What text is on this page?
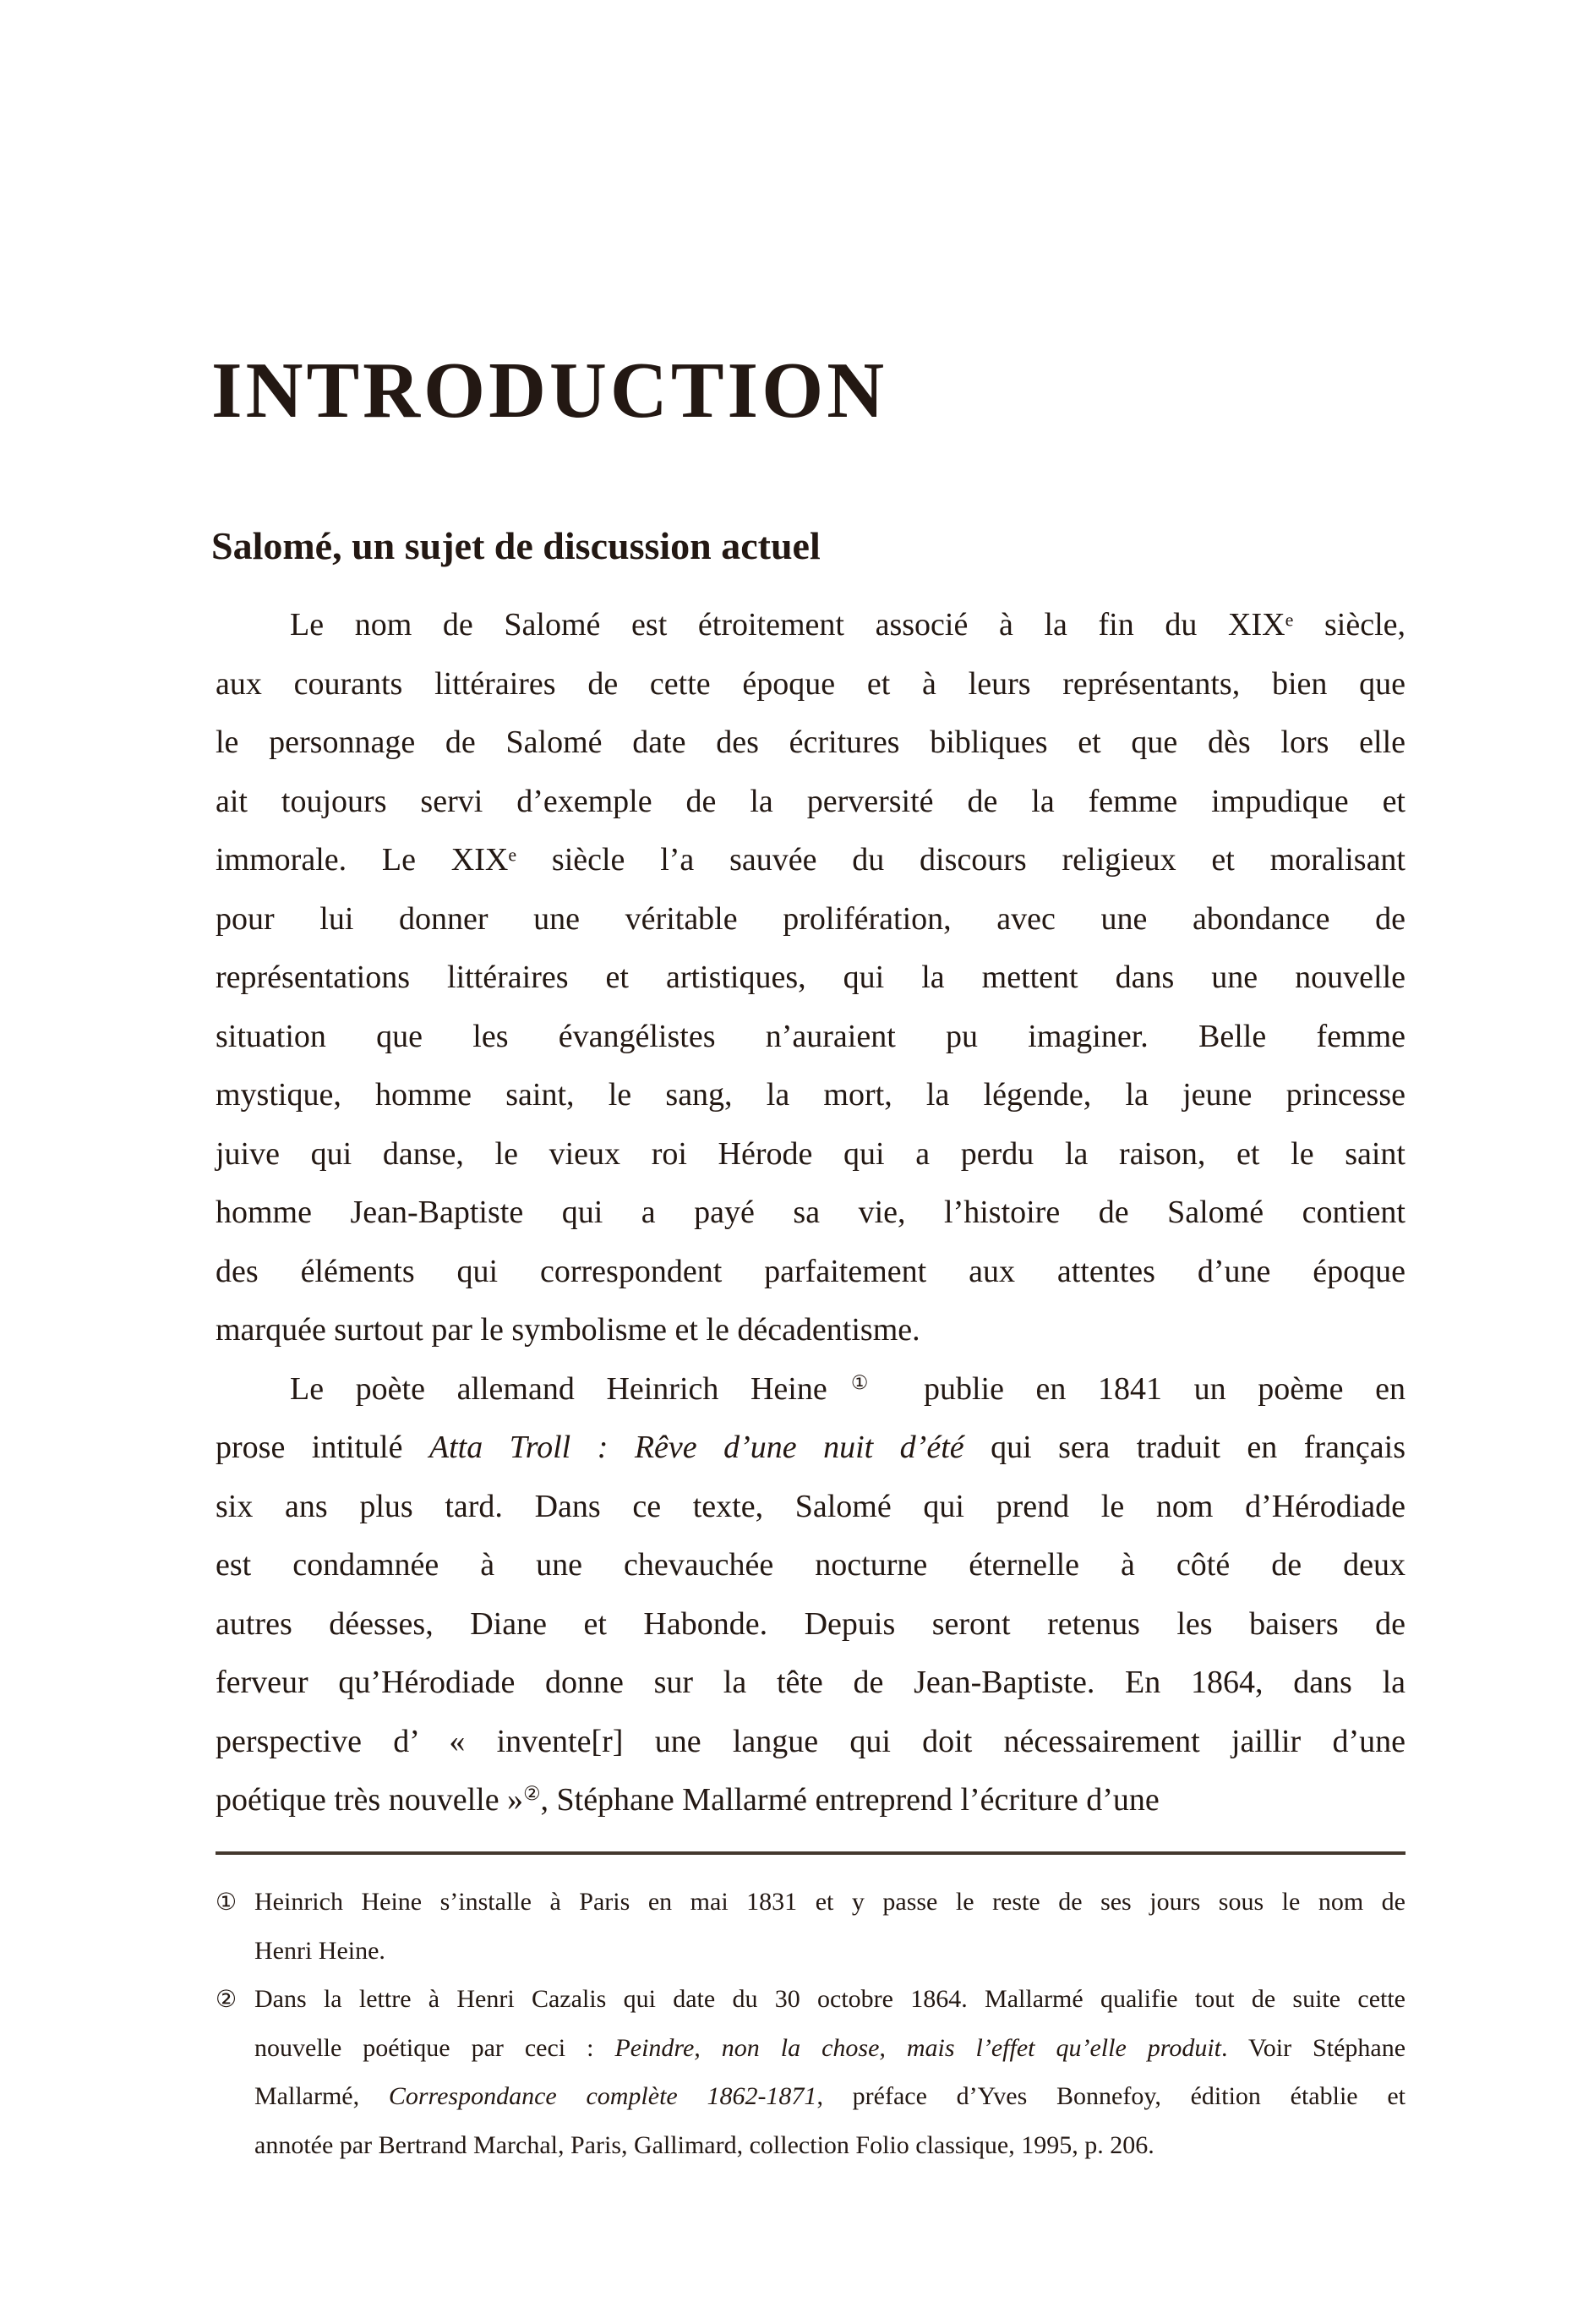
INTRODUCTION
Salomé, un sujet de discussion actuel
Le nom de Salomé est étroitement associé à la fin du XIXe siècle,
aux courants littéraires de cette époque et à leurs représentants, bien que
le personnage de Salomé date des écritures bibliques et que dès lors elle
ait toujours servi d’exemple de la perversité de la femme impudique et
immorale. Le XIXe siècle l’a sauvée du discours religieux et moralisant
pour lui donner une véritable prolifération, avec une abondance de
représentations littéraires et artistiques, qui la mettent dans une nouvelle
situation que les évangélistes n’auraient pu imaginer. Belle femme
mystique, homme saint, le sang, la mort, la légende, la jeune princesse
juive qui danse, le vieux roi Hérode qui a perdu la raison, et le saint
homme Jean-Baptiste qui a payé sa vie, l’histoire de Salomé contient
des éléments qui correspondent parfaitement aux attentes d’une époque
marquée surtout par le symbolisme et le décadentisme.
Le poète allemand Heinrich Heine① publie en 1841 un poème en
prose intitulé Atta Troll : Rêve d’une nuit d’été qui sera traduit en français
six ans plus tard. Dans ce texte, Salomé qui prend le nom d’Hérodiade
est condamnée à une chevauchée nocturne éternelle à côté de deux
autres déesses, Diane et Habonde. Depuis seront retenus les baisers de
ferveur qu’Hérodiade donne sur la tête de Jean-Baptiste. En 1864, dans la
perspective d’ « invente[r] une langue qui doit nécessairement jaillir d’une
poétique très nouvelle »②, Stéphane Mallarmé entreprend l’écriture d’une
① Heinrich Heine s’installe à Paris en mai 1831 et y passe le reste de ses jours sous le nom de
Henri Heine.
② Dans la lettre à Henri Cazalis qui date du 30 octobre 1864. Mallarmé qualifie tout de suite cette
nouvelle poétique par ceci : Peindre, non la chose, mais l’effet qu’elle produit. Voir Stéphane
Mallarmé, Correspondance complète 1862-1871, préface d’Yves Bonnefoy, édition établie et
annotée par Bertrand Marchal, Paris, Gallimard, collection Folio classique, 1995, p. 206.
